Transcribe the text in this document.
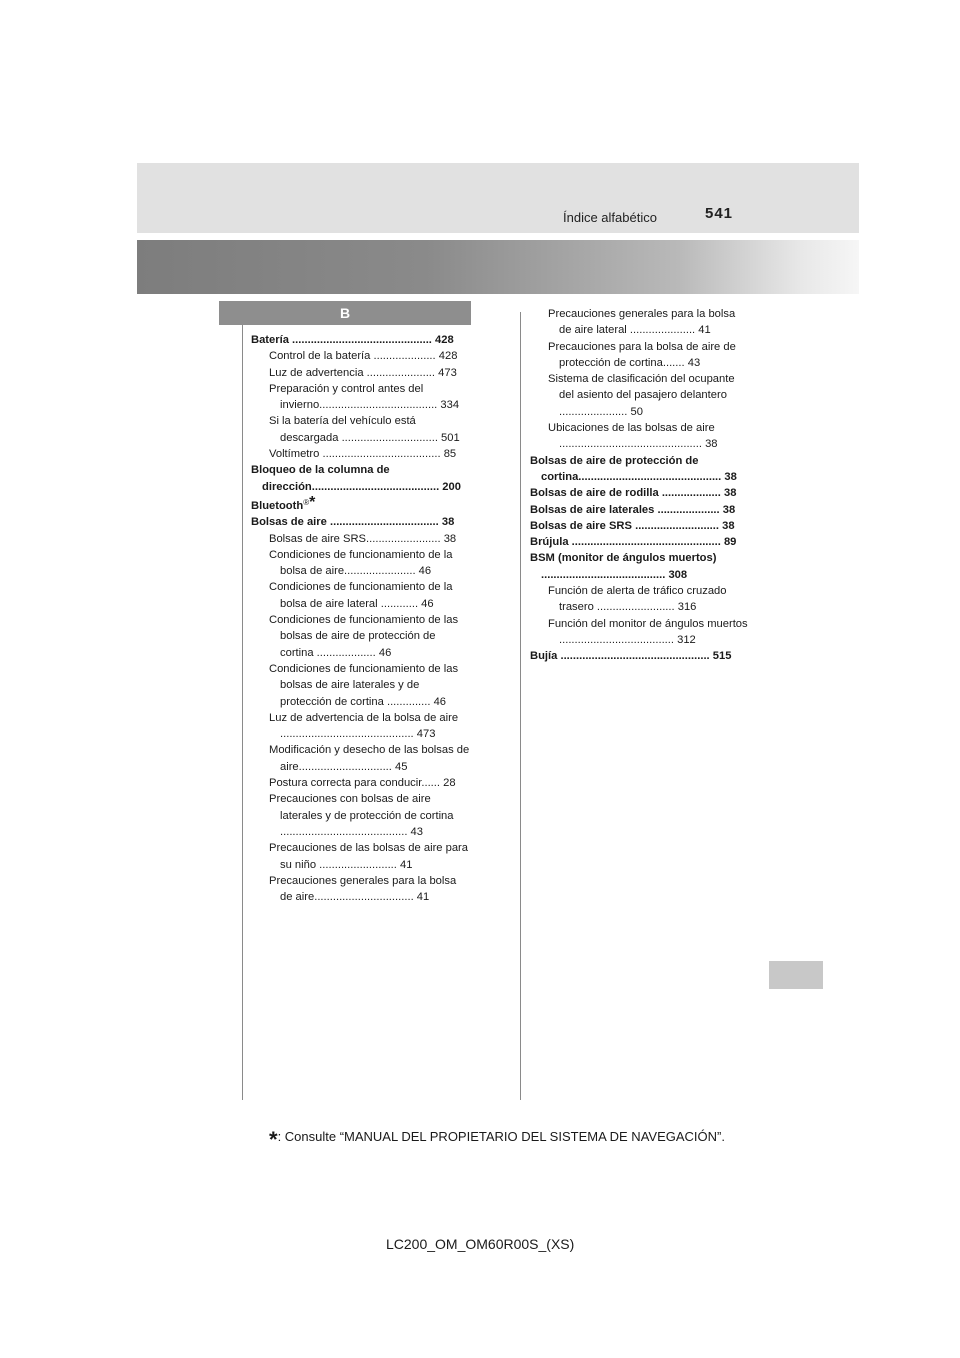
Índice alfabético	541
B
Batería ............................................. 428
Control de la batería .................... 428
Luz de advertencia ...................... 473
Preparación y control antes del invierno...................................... 334
Si la batería del vehículo está descargada ............................... 501
Voltímetro ...................................... 85
Bloqueo de la columna de dirección......................................... 200
Bluetooth®*
Bolsas de aire ................................... 38
Bolsas de aire SRS........................ 38
Condiciones de funcionamiento de la bolsa de aire....................... 46
Condiciones de funcionamiento de la bolsa de aire lateral ............ 46
Condiciones de funcionamiento de las bolsas de aire de protección de cortina ................... 46
Condiciones de funcionamiento de las bolsas de aire laterales y de protección de cortina .............. 46
Luz de advertencia de la bolsa de aire ........................................... 473
Modificación y desecho de las bolsas de aire.............................. 45
Postura correcta para conducir...... 28
Precauciones con bolsas de aire laterales y de protección de cortina ......................................... 43
Precauciones de las bolsas de aire para su niño ......................... 41
Precauciones generales para la bolsa de aire................................ 41
Precauciones generales para la bolsa de aire lateral ..................... 41
Precauciones para la bolsa de aire de protección de cortina....... 43
Sistema de clasificación del ocupante del asiento del pasajero delantero ...................... 50
Ubicaciones de las bolsas de aire .............................................. 38
Bolsas de aire de protección de cortina.............................................. 38
Bolsas de aire de rodilla ................... 38
Bolsas de aire laterales .................... 38
Bolsas de aire SRS ........................... 38
Brújula ................................................ 89
BSM (monitor de ángulos muertos) ........................................ 308
Función de alerta de tráfico cruzado trasero ......................... 316
Función del monitor de ángulos muertos ..................................... 312
Bujía ................................................ 515
*: Consulte “MANUAL DEL PROPIETARIO DEL SISTEMA DE NAVEGACIÓN”.
LC200_OM_OM60R00S_(XS)
